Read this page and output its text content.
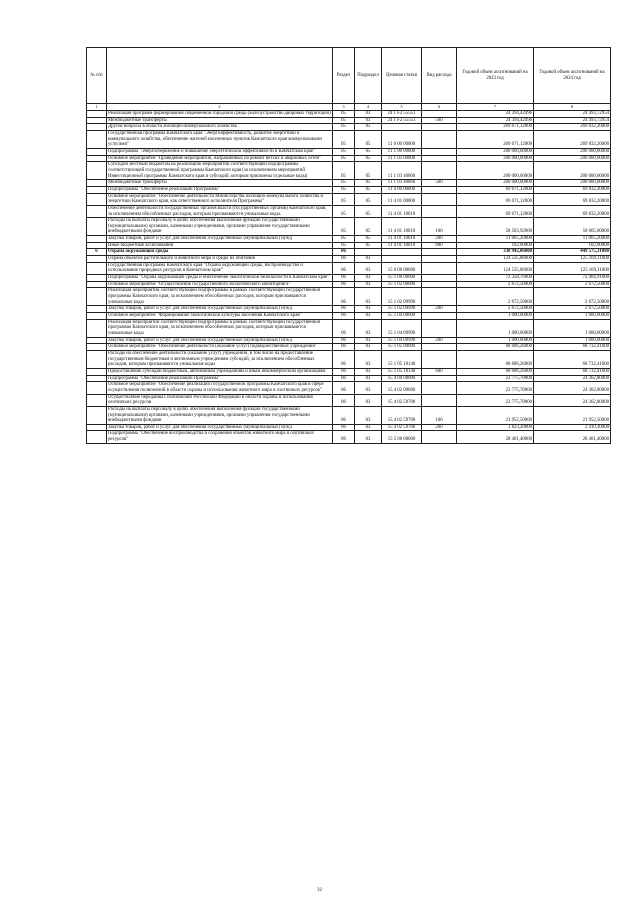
№ п/п		Раздел	Подраздел	Целевая статья	Вид расхода	Годовой объем ассигнований на 2023 год	Годовой объем ассигнований на 2024 год
1	2	3	4	5	6	7	8
	Реализация программ формирования современной городской среды (Благоустройство дворовых территорий)	05	03	24 1 F2 55551		24 394,42496	24 493,72954
	Межбюджетные трансферты	05	03	24 1 F2 55551	500	24 394,42496	24 493,72954
	Другие вопросы в области жилищно-коммунального хозяйства	05	05			269 671,12000	269 832,20000
	Государственная программа Камчатского края "Энергоэффективность, развитие энергетики и коммунального хозяйства, обеспечение жителей населенных пунктов Камчатского края коммунальными услугами"	05	05	11 0 00 00000		269 671,12000	269 832,20000
	Подпрограмма "Энергосбережение и повышение энергетической эффективности в Камчатском крае"	05	05	11 1 00 00000		200 000,00000	200 000,00000
	Основное мероприятие "Проведение мероприятий, направленных на ремонт ветхих и аварийных сетей"	05	05	11 1 03 00000		200 000,00000	200 000,00000
	Субсидии местным бюджетам на реализацию мероприятий соответствующей подпрограммы соответствующей государственной программы Камчатского края (за исключением мероприятий Инвестиционной программы Камчатского края и субсидий, которым присвоены отдельные коды)	05	05	11 1 03 40060		200 000,00000	200 000,00000
	Межбюджетные трансферты	05	05	11 1 03 40060	500	200 000,00000	200 000,00000
	Подпрограмма "Обеспечение реализации Программы"	05	05	11 4 00 00000		69 671,12000	69 832,20000
	Основное мероприятие "Обеспечение деятельности Министерства жилищно-коммунального хозяйства и энергетики Камчатского края, как ответственного исполнителя Программы"	05	05	11 4 01 00000		69 671,12000	69 832,20000
	Обеспечение деятельности государственных органов власти (государственных органов) Камчатского края, за исключением обособленных расходов, которым присваиваются уникальные коды.	05	05	11 4 01 10010		69 671,12000	69 832,20000
	Расходы на выплаты персоналу в целях обеспечения выполнения функций государственными (муниципальными) органами, казенными учреждениями, органами управления государственными внебюджетными фондами	05	05	11 4 01 10010	100	58 503,92000	58 665,00000
	Закупка товаров, работ и услуг для обеспечения государственных (муниципальных) нужд	05	05	11 4 01 10010	200	11 065,20000	11 065,20000
	Иные бюджетные ассигнования	05	05	11 4 01 10010	800	102,00000	102,00000
6	Охрана окружающей среды	06				338 942,06000	449 575,31000
	Охрана объектов растительного и животного мира и среды их обитания	06	03			124 535,86000	125 169,11000
	Государственная программа Камчатского края "Охрана окружающей среды, воспроизводство и использование природных ресурсов в Камчатском крае"	06	03	15 0 00 00000		124 535,86000	125 169,11000
	Подпрограмма "Охрана окружающей среды и обеспечение экологической безопасности в Камчатском крае"	06	03	15 1 00 00000		72 358,76000	72 404,91000
	Основное мероприятие "Осуществление государственного экологического мониторинга"	06	03	15 1 02 00000		2 672,50000	2 672,50000
	Реализация мероприятий соответствующей подпрограммы в рамках соответствующей государственной программы Камчатского края, за исключением обособленных расходов, которым присваиваются уникальные коды	06	03	15 1 02 09990		2 672,50000	2 672,50000
	Закупка товаров, работ и услуг для обеспечения государственных (муниципальных) нужд	06	03	15 1 02 09990	200	2 672,50000	2 672,50000
	Основное мероприятие "Формирование экологической культуры населения Камчатского края"	06	03	15 1 04 00000		1 000,00000	1 000,00000
	Реализация мероприятий соответствующей подпрограммы в рамках соответствующей государственной программы Камчатского края, за исключением обособленных расходов, которым присваиваются уникальные коды	06	03	15 1 04 09990		1 000,00000	1 000,00000
	Закупка товаров, работ и услуг для обеспечения государственных (муниципальных) нужд	06	03	15 1 04 09990	200	1 000,00000	1 000,00000
	Основное мероприятие "Обеспечение деятельности (оказание услуг) подведомственных учреждений"	06	03	15 1 05 00000		68 686,26000	68 732,41000
	Расходы на обеспечение деятельности (оказание услуг) учреждений, в том числе на предоставление государственным бюджетным и автономным учреждениям субсидий, за исключением обособленных расходов, которым присваиваются уникальные коды	06	03	15 1 05 10140		68 686,26000	68 732,41000
	Предоставление субсидий бюджетным, автономным учреждениям и иным некоммерческим организациям	06	03	15 1 05 10140	600	68 686,26000	68 732,41000
	Подпрограмма "Обеспечение реализации Программы"	06	03	15 4 00 00000		23 775,70000	24 362,80000
	Основное мероприятие "Обеспечение реализации государственной программы Камчатского края в сфере осуществления полномочий в области охраны и использования животного мира и охотничьих ресурсов"	06	03	15 4 02 00000		23 775,70000	24 362,80000
	Осуществление переданных полномочий Российской Федерации в области охраны и использования охотничьих ресурсов	06	03	15 4 02 59700		23 775,70000	24 362,80000
	Расходы на выплаты персоналу в целях обеспечения выполнения функций государственными (муниципальными) органами, казенными учреждениями, органами управления государственными внебюджетными фондами	06	03	15 4 02 59700	100	21 952,50000	21 952,50000
	Закупка товаров, работ и услуг для обеспечения государственных (муниципальных) нужд	06	03	15 4 02 59700	200	1 823,20000	2 410,30000
	Подпрограмма "Обеспечение воспроизводства и сохранения объектов животного мира и охотничьих ресурсов"	06	03	15 5 00 00000		28 401,40000	28 401,40000
32
